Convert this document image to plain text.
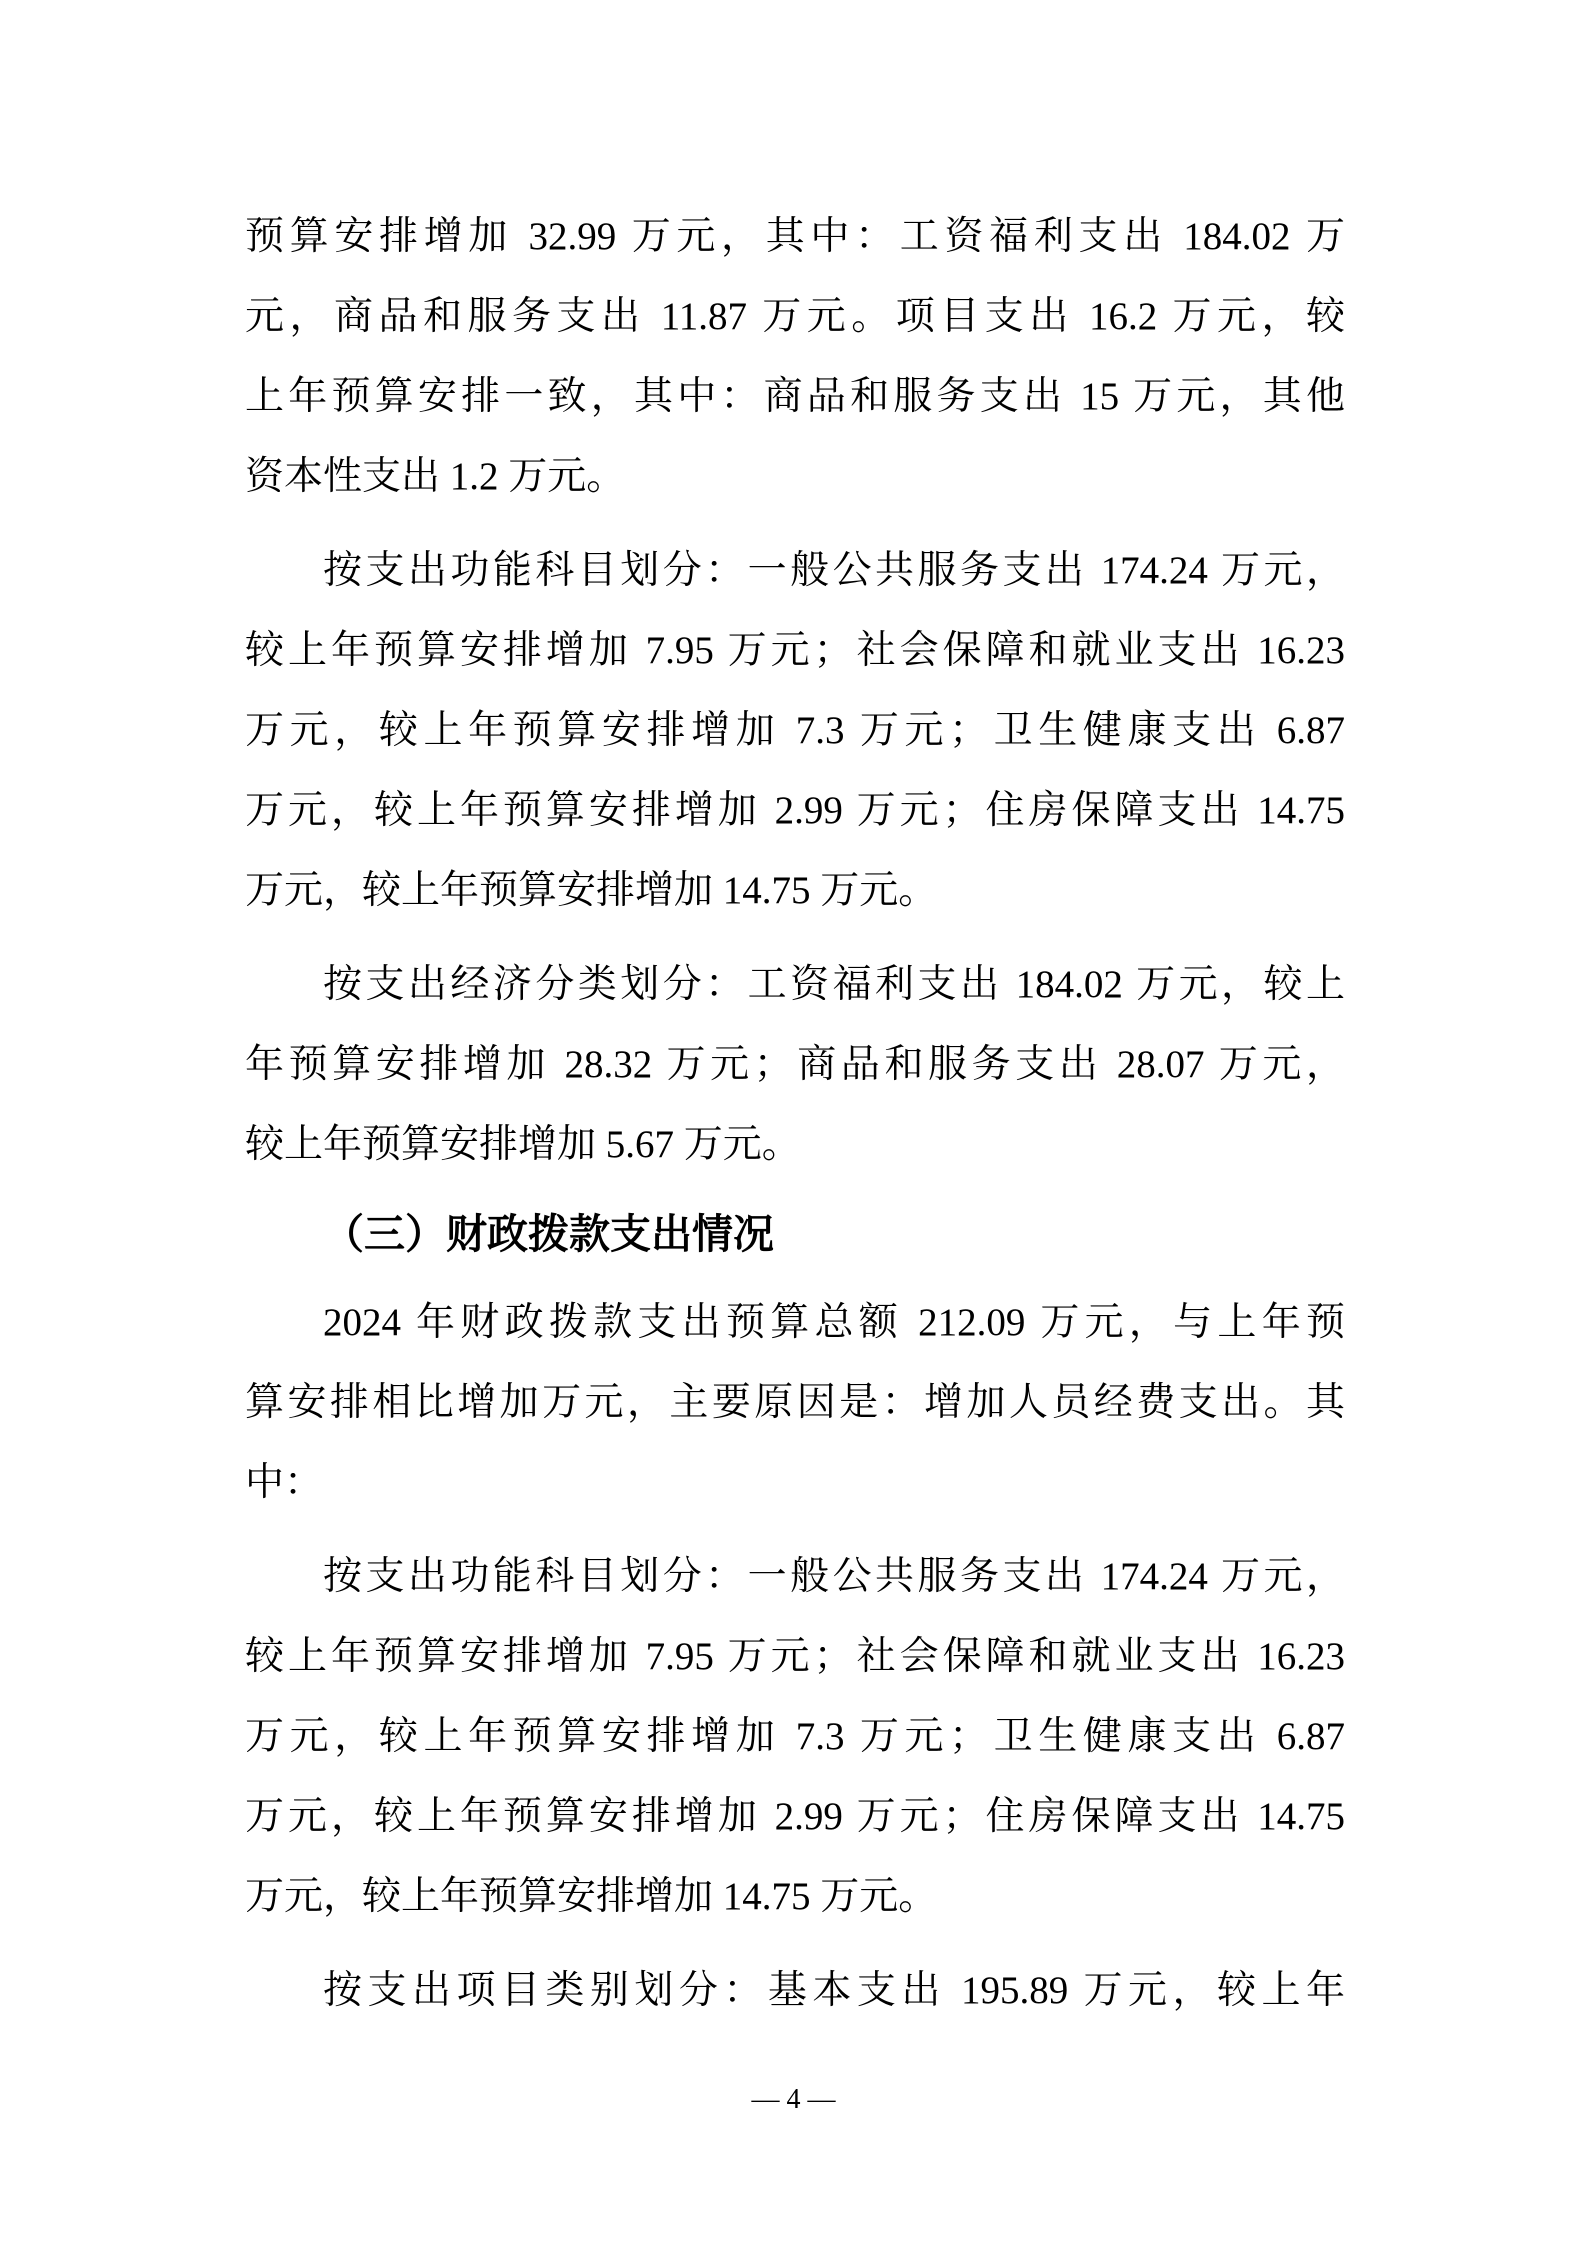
预算安排增加 32.99 万元，其中：工资福利支出 184.02 万
元，商品和服务支出 11.87 万元。项目支出 16.2 万元，较
上年预算安排一致，其中：商品和服务支出 15 万元，其他
资本性支出 1.2 万元。
按支出功能科目划分：一般公共服务支出 174.24 万元，
较上年预算安排增加 7.95 万元；社会保障和就业支出 16.23
万元，较上年预算安排增加 7.3 万元；卫生健康支出 6.87
万元，较上年预算安排增加 2.99 万元；住房保障支出 14.75
万元，较上年预算安排增加 14.75 万元。
按支出经济分类划分：工资福利支出 184.02 万元，较上
年预算安排增加 28.32 万元；商品和服务支出 28.07 万元，
较上年预算安排增加 5.67 万元。
（三）财政拨款支出情况
2024 年财政拨款支出预算总额 212.09 万元，与上年预
算安排相比增加万元，主要原因是：增加人员经费支出。其
中：
按支出功能科目划分：一般公共服务支出 174.24 万元，
较上年预算安排增加 7.95 万元；社会保障和就业支出 16.23
万元，较上年预算安排增加 7.3 万元；卫生健康支出 6.87
万元，较上年预算安排增加 2.99 万元；住房保障支出 14.75
万元，较上年预算安排增加 14.75 万元。
按支出项目类别划分：基本支出 195.89 万元，较上年
— 4 —
